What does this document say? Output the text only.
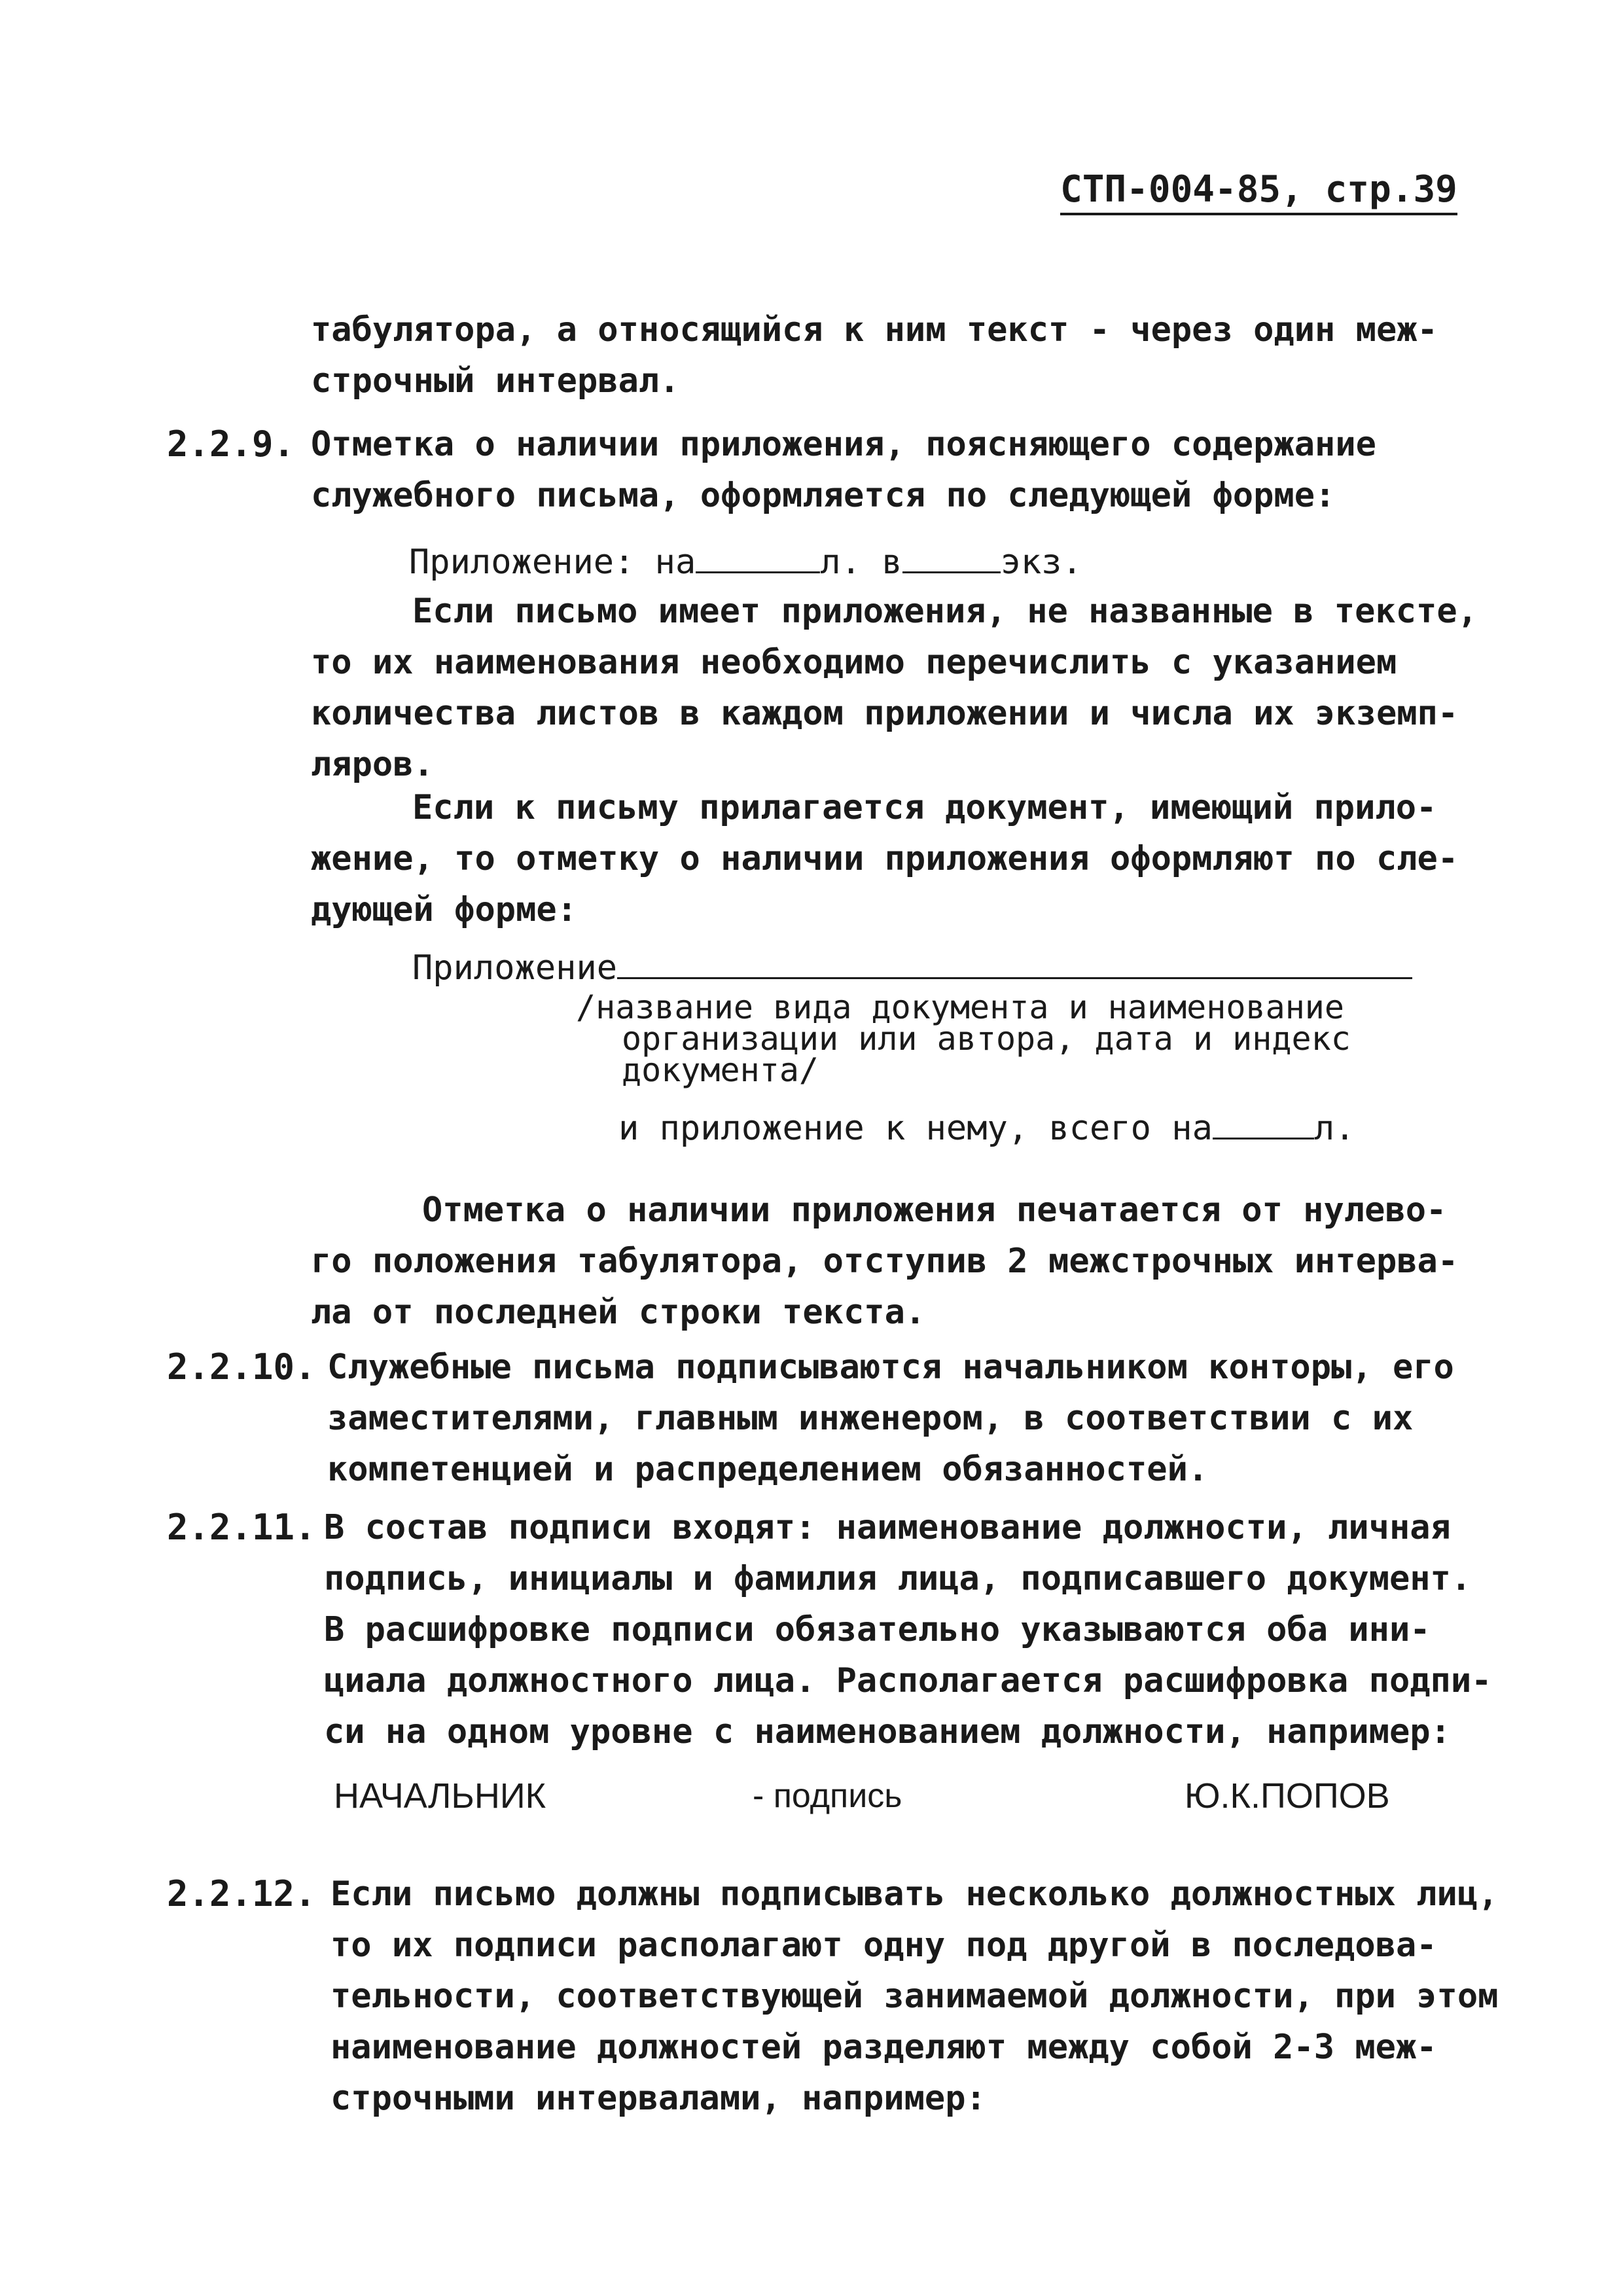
СТП-004-85, стр.39
табулятора, а относящийся к ним текст - через один меж-
строчный интервал.
2.2.9. Отметка о наличии приложения, поясняющего содержание
служебного письма, оформляется по следующей форме:
Приложение: на	л. в	экз.
Если письмо имеет приложения, не названные в тексте,
то их наименования необходимо перечислить с указанием
количества листов в каждом приложении и числа их экземп-
ляров.
Если к письму прилагается документ, имеющий прило-
жение, то отметку о наличии приложения оформляют по сле-
дующей форме:
Приложение
/название вида документа и наименование
организации или автора, дата и индекс
документа/
и приложение к нему, всего на	л.
Отметка о наличии приложения печатается от нулево-
го положения табулятора, отступив 2 межстрочных интерва-
ла от последней строки текста.
2.2.10. Служебные письма подписываются начальником конторы, его
заместителями, главным инженером, в соответствии с их
компетенцией и распределением обязанностей.
2.2.11. В состав подписи входят: наименование должности, личная
подпись, инициалы и фамилия лица, подписавшего документ.
В расшифровке подписи обязательно указываются оба ини-
циала должностного лица. Располагается расшифровка подпи-
си на одном уровне с наименованием должности, например:
НАЧАЛЬНИК	- подпись	Ю.К.ПОПОВ
2.2.12. Если письмо должны подписывать несколько должностных лиц,
то их подписи располагают одну под другой в последова-
тельности, соответствующей занимаемой должности, при этом
наименование должностей разделяют между собой 2-3 меж-
строчными интервалами, например:
